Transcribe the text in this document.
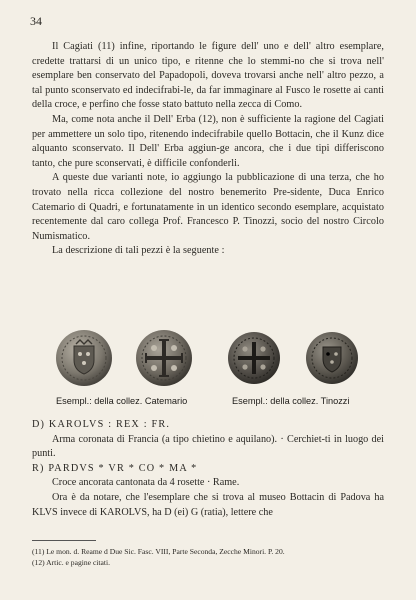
34

Il Cagiati (11) infine, riportando le figure dell' uno e dell' altro esemplare, credette trattarsi di un unico tipo, e ritenne che lo stemmi-no che si trova nell' esemplare ben conservato del Papadopoli, doveva trovarsi anche nell' altro pezzo, a tal punto sconservato ed indecifrabi-le, da far immaginare al Fusco le rosette ai canti della croce, e perfino che fosse stato battuto nella zecca di Como.

Ma, come nota anche il Dell' Erba (12), non è sufficiente la ragione del Cagiati per ammettere un solo tipo, ritenendo indecifrabile quello Bottacin, che il Kunz dice alquanto sconservato. Il Dell' Erba aggiun-ge ancora, che i due tipi differiscono tanto, che pure sconservati, è difficile confonderli.

A queste due varianti note, io aggiungo la pubblicazione di una terza, che ho trovato nella ricca collezione del nostro benemerito Pre-sidente, Duca Enrico Catemario di Quadri, e fortunatamente in un identico secondo esemplare, acquistato recentemente dal caro collega Prof. Francesco P. Tinozzi, socio del nostro Circolo Numismatico.

La descrizione di tali pezzi è la seguente :

Esempl.: della collez. Catemario	Esempl.: della collez. Tinozzi

D) KAROLVS : REX : FR.

Arma coronata di Francia (a tipo chietino e aquilano). · Cerchiet-ti in luogo dei punti.

R) PARDVS * VR * CO * MA *

Croce ancorata cantonata da 4 rosette · Rame.

Ora è da notare, che l'esemplare che si trova al museo Bottacin di Padova ha KLVS invece di KAROLVS, ha D (ei) G (ratia), lettere che

(11) Le mon. d. Reame d Due Sic. Fasc. VIII, Parte Seconda, Zecche Minori. P. 20.

(12) Artic. e pagine citati.
